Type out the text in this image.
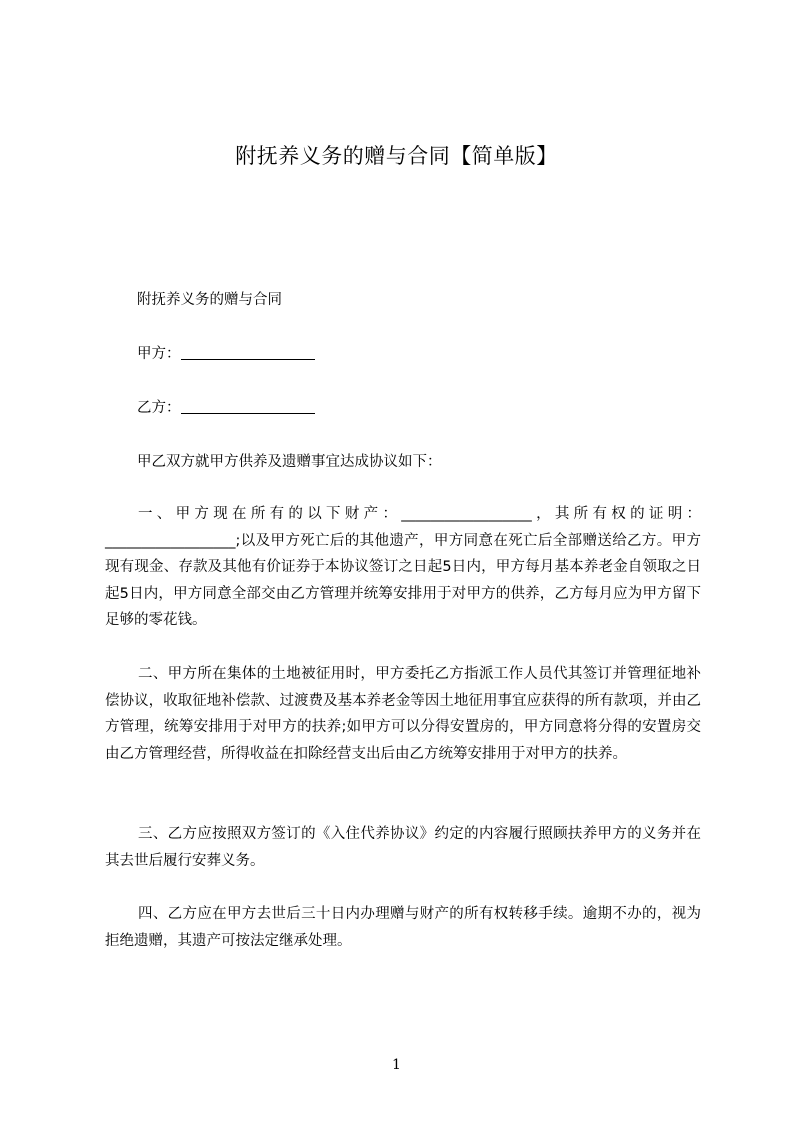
附抚养义务的赠与合同【简单版】
附抚养义务的赠与合同
甲方：
乙方：
甲乙双方就甲方供养及遗赠事宜达成协议如下：

一、甲方现在所有的以下财产：__________________，其所有权的证明：__________________;以及甲方死亡后的其他遗产，甲方同意在死亡后全部赠送给乙方。甲方现有现金、存款及其他有价证券于本协议签订之日起5日内，甲方每月基本养老金自领取之日起5日内，甲方同意全部交由乙方管理并统筹安排用于对甲方的供养，乙方每月应为甲方留下足够的零花钱。

二、甲方所在集体的土地被征用时，甲方委托乙方指派工作人员代其签订并管理征地补偿协议，收取征地补偿款、过渡费及基本养老金等因土地征用事宜应获得的所有款项，并由乙方管理，统筹安排用于对甲方的扶养;如甲方可以分得安置房的，甲方同意将分得的安置房交由乙方管理经营，所得收益在扣除经营支出后由乙方统筹安排用于对甲方的扶养。

三、乙方应按照双方签订的《入住代养协议》约定的内容履行照顾扶养甲方的义务并在其去世后履行安葬义务。

四、乙方应在甲方去世后三十日内办理赠与财产的所有权转移手续。逾期不办的，视为拒绝遗赠，其遗产可按法定继承处理。

1
